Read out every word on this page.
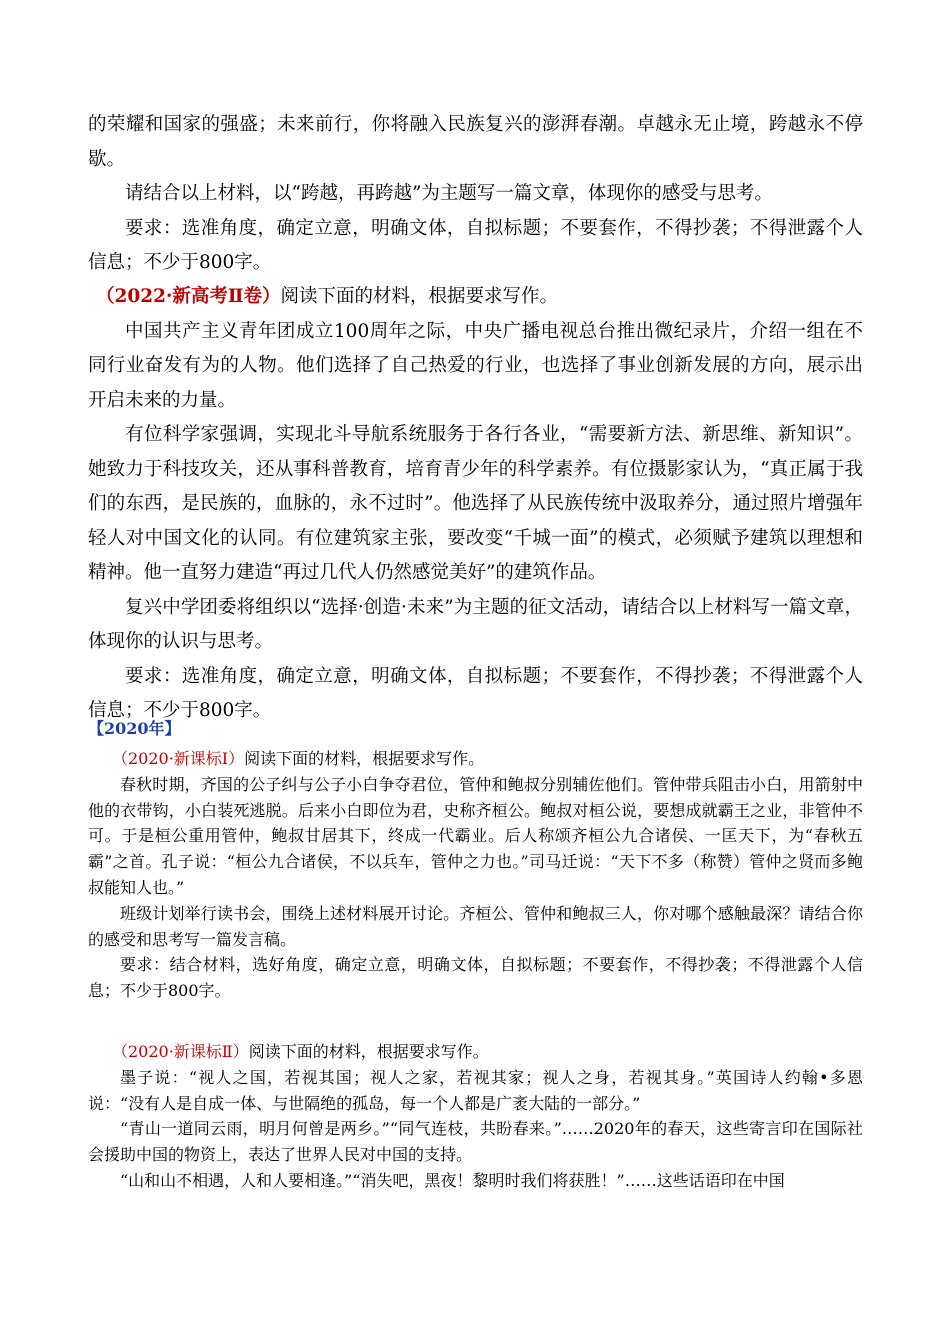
的荣耀和国家的强盛；未来前行，你将融入民族复兴的澎湃春潮。卓越永无止境，跨越永不停歇。

请结合以上材料，以“跨越，再跨越”为主题写一篇文章，体现你的感受与思考。

要求：选准角度，确定立意，明确文体，自拟标题；不要套作，不得抄袭；不得泄露个人信息；不少于800字。

（2022·新高考Ⅱ卷）阅读下面的材料，根据要求写作。

中国共产主义青年团成立100周年之际，中央广播电视总台推出微纪录片，介绍一组在不同行业奋发有为的人物。他们选择了自己热爱的行业，也选择了事业创新发展的方向，展示出开启未来的力量。

有位科学家强调，实现北斗导航系统服务于各行各业，“需要新方法、新思维、新知识”。她致力于科技攻关，还从事科普教育，培育青少年的科学素养。有位摄影家认为，“真正属于我们的东西，是民族的，血脉的，永不过时”。他选择了从民族传统中汲取养分，通过照片增强年轻人对中国文化的认同。有位建筑家主张，要改变“千城一面”的模式，必须赋予建筑以理想和精神。他一直努力建造“再过几代人仍然感觉美好”的建筑作品。

复兴中学团委将组织以“选择·创造·未来”为主题的征文活动，请结合以上材料写一篇文章，体现你的认识与思考。

要求：选准角度，确定立意，明确文体，自拟标题；不要套作，不得抄袭；不得泄露个人信息；不少于800字。

【2020年】

（2020·新课标Ⅰ）阅读下面的材料，根据要求写作。

春秋时期，齐国的公子纠与公子小白争夺君位，管仲和鲍叔分别辅佐他们。管仲带兵阻击小白，用箭射中他的衣带钩，小白装死逃脱。后来小白即位为君，史称齐桓公。鲍叔对桓公说，要想成就霸王之业，非管仲不可。于是桓公重用管仲，鲍叔甘居其下，终成一代霸业。后人称颂齐桓公九合诸侯、一匡天下，为“春秋五霸”之首。孔子说：“桓公九合诸侯，不以兵车，管仲之力也。”司马迁说：“天下不多（称赞）管仲之贤而多鲍叔能知人也。”

班级计划举行读书会，围绕上述材料展开讨论。齐桓公、管仲和鲍叔三人，你对哪个感触最深？请结合你的感受和思考写一篇发言稿。

要求：结合材料，选好角度，确定立意，明确文体，自拟标题；不要套作，不得抄袭；不得泄露个人信息；不少于800字。

（2020·新课标Ⅱ）阅读下面的材料，根据要求写作。

墨子说：“视人之国，若视其国；视人之家，若视其家；视人之身，若视其身。”英国诗人约翰•多恩说：“没有人是自成一体、与世隔绝的孤岛，每一个人都是广袤大陆的一部分。”

“青山一道同云雨，明月何曾是两乡。”“同气连枝，共盼春来。”……2020年的春天，这些寄言印在国际社会援助中国的物资上，表达了世界人民对中国的支持。

“山和山不相遇，人和人要相逢。”“消失吧，黑夜！黎明时我们将获胜！”……这些话语印在中国
